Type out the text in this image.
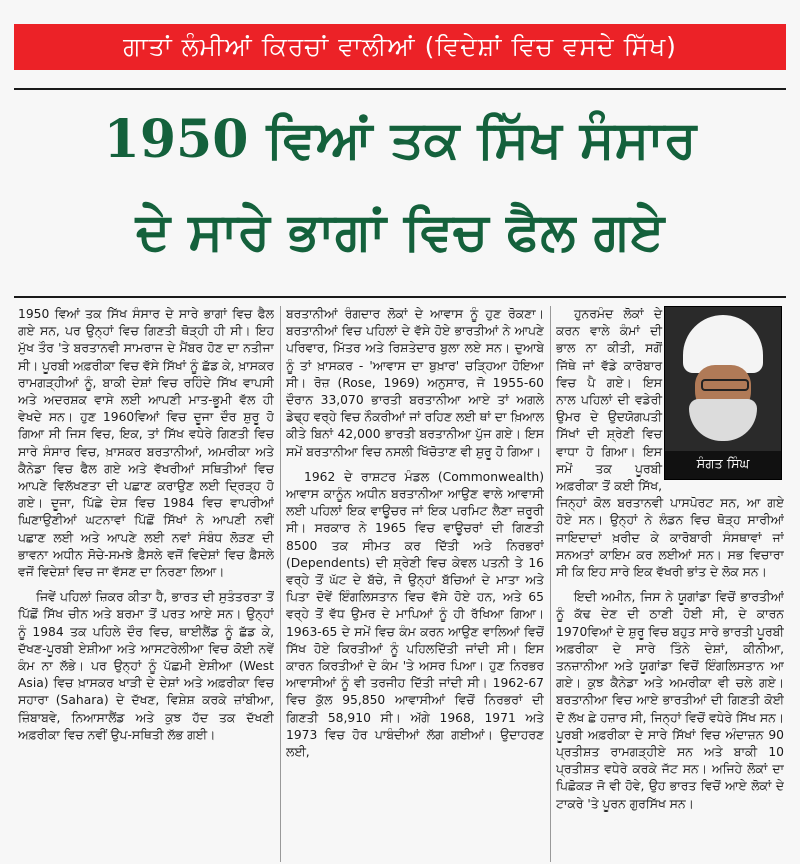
ਗਾਤਾਂ ਲੰਮੀਆਂ ਕਿਰਚਾਂ ਵਾਲੀਆਂ (ਵਿਦੇਸ਼ਾਂ ਵਿਚ ਵਸਦੇ ਸਿੱਖ)
1950 ਵਿਆਂ ਤਕ ਸਿੱਖ ਸੰਸਾਰ
ਦੇ ਸਾਰੇ ਭਾਗਾਂ ਵਿਚ ਫੈਲ ਗਏ

1950 ਵਿਆਂ ਤਕ ਸਿੱਖ ਸੰਸਾਰ ਦੇ ਸਾਰੇ ਭਾਗਾਂ ਵਿਚ ਫੈਲ ਗਏ ਸਨ, ਪਰ ਉਨ੍ਹਾਂ ਵਿਚ ਗਿਣਤੀ ਥੋੜ੍ਹੀ ਹੀ ਸੀ। ਇਹ ਮੁੱਖ ਤੌਰ 'ਤੇ ਬਰਤਾਨਵੀ ਸਾਮਰਾਜ ਦੇ ਮੈਂਬਰ ਹੋਣ ਦਾ ਨਤੀਜਾ ਸੀ। ਪੂਰਬੀ ਅਫ਼ਰੀਕਾ ਵਿਚ ਵੱਸੇ ਸਿੱਖਾਂ ਨੂੰ ਛੱਡ ਕੇ, ਖ਼ਾਸਕਰ ਰਾਮਗੜ੍ਹੀਆਂ ਨੂੰ, ਬਾਕੀ ਦੇਸ਼ਾਂ ਵਿਚ ਰਹਿੰਦੇ ਸਿੱਖ ਵਾਪਸੀ ਅਤੇ ਅਦਰਸ਼ਕ ਵਾਸੇ ਲਈ ਆਪਣੀ ਮਾਤ-ਭੂਮੀ ਵੱਲ ਹੀ ਵੇਖਦੇ ਸਨ। ਹੁਣ 1960ਵਿਆਂ ਵਿਚ ਦੂਜਾ ਦੌਰ ਸ਼ੁਰੂ ਹੋ ਗਿਆ ਸੀ ਜਿਸ ਵਿਚ, ਇਕ, ਤਾਂ ਸਿੱਖ ਵਧੇਰੇ ਗਿਣਤੀ ਵਿਚ ਸਾਰੇ ਸੰਸਾਰ ਵਿਚ, ਖ਼ਾਸਕਰ ਬਰਤਾਨੀਆਂ, ਅਮਰੀਕਾ ਅਤੇ ਕੈਨੇਡਾ ਵਿਚ ਫੈਲ ਗਏ ਅਤੇ ਵੱਖਰੀਆਂ ਸਥਿਤੀਆਂ ਵਿਚ ਆਪਣੇ ਵਿਲੱਖਣਤਾ ਦੀ ਪਛਾਣ ਕਰਾਉਣ ਲਈ ਦ੍ਰਿੜ੍ਹ ਹੋ ਗਏ। ਦੂਜਾ, ਪਿੱਛੇ ਦੇਸ਼ ਵਿਚ 1984 ਵਿਚ ਵਾਪਰੀਆਂ ਘਿਣਾਉਣੀਆਂ ਘਟਨਾਵਾਂ ਪਿੱਛੋਂ ਸਿੱਖਾਂ ਨੇ ਆਪਣੀ ਨਵੀਂ ਪਛਾਣ ਲਈ ਅਤੇ ਆਪਣੇ ਲਈ ਨਵਾਂ ਸੰਬੰਧ ਲੋੜਣ ਦੀ ਭਾਵਨਾ ਅਧੀਨ ਸੋਚੇ-ਸਮਝੇ ਫ਼ੈਸਲੇ ਵਜੋਂ ਵਿਦੇਸ਼ਾਂ ਵਿਚ ਫ਼ੈਸਲੇ ਵਜੋਂ ਵਿਦੇਸ਼ਾਂ ਵਿਚ ਜਾ ਵੱਸਣ ਦਾ ਨਿਰਣਾ ਲਿਆ।

ਜਿਵੇਂ ਪਹਿਲਾਂ ਜ਼ਿਕਰ ਕੀਤਾ ਹੈ, ਭਾਰਤ ਦੀ ਸੁਤੰਤਰਤਾ ਤੋਂ ਪਿੱਛੋਂ ਸਿੱਖ ਚੀਨ ਅਤੇ ਬਰਮਾ ਤੋਂ ਪਰਤ ਆਏ ਸਨ। ਉਨ੍ਹਾਂ ਨੂੰ 1984 ਤਕ ਪਹਿਲੇ ਦੌਰ ਵਿਚ, ਥਾਈਲੈਂਡ ਨੂੰ ਛੱਡ ਕੇ, ਦੱਖਣ-ਪੂਰਬੀ ਏਸ਼ੀਆ ਅਤੇ ਆਸਟਰੇਲੀਆ ਵਿਚ ਕੋਈ ਨਵੇਂ ਕੰਮ ਨਾ ਲੱਭੇ। ਪਰ ਉਨ੍ਹਾਂ ਨੂੰ ਪੱਛਮੀ ਏਸ਼ੀਆ (West Asia) ਵਿਚ ਖ਼ਾਸਕਰ ਖਾੜੀ ਦੇ ਦੇਸ਼ਾਂ ਅਤੇ ਅਫ਼ਰੀਕਾ ਵਿਚ ਸਹਾਰਾ (Sahara) ਦੇ ਦੱਖਣ, ਵਿਸ਼ੇਸ਼ ਕਰਕੇ ਜ਼ਾਂਬੀਆ, ਜ਼ਿੰਬਾਬਵੇ, ਨਿਆਸਾਲੈਂਡ ਅਤੇ ਕੁਝ ਹੱਦ ਤਕ ਦੱਖਣੀ ਅਫ਼ਰੀਕਾ ਵਿਚ ਨਵੀਂ ਉਪ-ਸਥਿਤੀ ਲੱਭ ਗਈ।

ਬਰਤਾਨੀਆਂ ਰੰਗਦਾਰ ਲੋਕਾਂ ਦੇ ਆਵਾਸ ਨੂੰ ਹੁਣ ਰੋਕਣਾ। ਬਰਤਾਨੀਆਂ ਵਿਚ ਪਹਿਲਾਂ ਦੇ ਵੱਸੇ ਹੋਏ ਭਾਰਤੀਆਂ ਨੇ ਆਪਣੇ ਪਰਿਵਾਰ, ਮਿੱਤਰ ਅਤੇ ਰਿਸ਼ਤੇਦਾਰ ਬੁਲਾ ਲਏ ਸਨ। ਦੁਆਬੇ ਨੂੰ ਤਾਂ ਖ਼ਾਸਕਰ - 'ਆਵਾਸ ਦਾ ਬੁਖ਼ਾਰ' ਚੜ੍ਹਿਆ ਹੋਇਆ ਸੀ। ਰੋਜ਼ (Rose, 1969) ਅਨੁਸਾਰ, ਜੋ 1955-60 ਦੌਰਾਨ 33,070 ਭਾਰਤੀ ਬਰਤਾਨੀਆ ਆਏ ਤਾਂ ਅਗਲੇ ਡੇਢ੍ਹ ਵਰ੍ਹੇ ਵਿਚ ਨੌਕਰੀਆਂ ਜਾਂ ਰਹਿਣ ਲਈ ਥਾਂ ਦਾ ਖ਼ਿਆਲ ਕੀਤੇ ਬਿਨਾਂ 42,000 ਭਾਰਤੀ ਬਰਤਾਨੀਆ ਪੁੱਜ ਗਏ। ਇਸ ਸਮੇਂ ਬਰਤਾਨੀਆ ਵਿਚ ਨਸਲੀ ਖਿੱਚੋਤਾਣ ਵੀ ਸ਼ੁਰੂ ਹੋ ਗਿਆ।

1962 ਦੇ ਰਾਸ਼ਟਰ ਮੰਡਲ (Commonwealth) ਆਵਾਸ ਕਾਨੂੰਨ ਅਧੀਨ ਬਰਤਾਨੀਆ ਆਉਣ ਵਾਲੇ ਆਵਾਸੀ ਲਈ ਪਹਿਲਾਂ ਇਕ ਵਾਊਚਰ ਜਾਂ ਇਕ ਪਰਮਿਟ ਲੈਣਾ ਜ਼ਰੂਰੀ ਸੀ। ਸਰਕਾਰ ਨੇ 1965 ਵਿਚ ਵਾਊਚਰਾਂ ਦੀ ਗਿਣਤੀ 8500 ਤਕ ਸੀਮਤ ਕਰ ਦਿੱਤੀ ਅਤੇ ਨਿਰਭਰਾਂ (Dependents) ਦੀ ਸ਼੍ਰੇਣੀ ਵਿਚ ਕੇਵਲ ਪਤਨੀ ਤੇ 16 ਵਰ੍ਹੇ ਤੋਂ ਘੱਟ ਦੇ ਬੱਚੇ, ਜੋ ਉਨ੍ਹਾਂ ਬੱਚਿਆਂ ਦੇ ਮਾਤਾ ਅਤੇ ਪਿਤਾ ਦੋਵੇਂ ਇੰਗਲਿਸਤਾਨ ਵਿਚ ਵੱਸੇ ਹੋਏ ਹਨ, ਅਤੇ 65 ਵਰ੍ਹੇ ਤੋਂ ਵੱਧ ਉਮਰ ਦੇ ਮਾਪਿਆਂ ਨੂੰ ਹੀ ਰੱਖਿਆ ਗਿਆ। 1963-65 ਦੇ ਸਮੇਂ ਵਿਚ ਕੰਮ ਕਰਨ ਆਉਣ ਵਾਲਿਆਂ ਵਿਚੋਂ ਸਿੱਖ ਹੋਏ ਕਿਰਤੀਆਂ ਨੂੰ ਪਹਿਲਦਿੱਤੀ ਜਾਂਦੀ ਸੀ। ਇਸ ਕਾਰਨ ਕਿਰਤੀਆਂ ਦੇ ਕੰਮ 'ਤੇ ਅਸਰ ਪਿਆ। ਹੁਣ ਨਿਰਭਰ ਆਵਾਸੀਆਂ ਨੂੰ ਵੀ ਤਰਜੀਹ ਦਿੱਤੀ ਜਾਂਦੀ ਸੀ। 1962-67 ਵਿਚ ਕੁੱਲ 95,850 ਆਵਾਸੀਆਂ ਵਿਚੋਂ ਨਿਰਭਰਾਂ ਦੀ ਗਿਣਤੀ 58,910 ਸੀ। ਅੱਗੇ 1968, 1971 ਅਤੇ 1973 ਵਿਚ ਹੋਰ ਪਾਬੰਦੀਆਂ ਲੱਗ ਗਈਆਂ। ਉਦਾਹਰਣ ਲਈ,

ਹੁਨਰਮੰਦ ਲੋਕਾਂ ਦੇ ਕਰਨ ਵਾਲੇ ਕੰਮਾਂ ਦੀ ਭਾਲ ਨਾ ਕੀਤੀ, ਸਗੋਂ ਜਿੱਥੇ ਜਾਂ ਵੱਡੇ ਕਾਰੋਬਾਰ ਵਿਚ ਪੈ ਗਏ। ਇਸ ਨਾਲ ਪਹਿਲਾਂ ਦੀ ਵਡੇਰੀ ਉਮਰ ਦੇ ਉਦਯੋਗਪਤੀ ਸਿੱਖਾਂ ਦੀ ਸ਼੍ਰੇਣੀ ਵਿਚ ਵਾਧਾ ਹੋ ਗਿਆ। ਇਸ ਸਮੇਂ ਤਕ ਪੂਰਬੀ ਅਫ਼ਰੀਕਾ ਤੋਂ ਕਈ ਸਿੱਖ, ਜਿਨ੍ਹਾਂ ਕੋਲ ਬਰਤਾਨਵੀ ਪਾਸਪੋਰਟ ਸਨ, ਆ ਗਏ ਹੋਏ ਸਨ। ਉਨ੍ਹਾਂ ਨੇ ਲੰਡਨ ਵਿਚ ਥੋੜ੍ਹ ਸਾਰੀਆਂ ਜਾਇਦਾਦਾਂ ਖ਼ਰੀਦ ਕੇ ਕਾਰੋਬਾਰੀ ਸੰਸਥਾਵਾਂ ਜਾਂ ਸਨਅਤਾਂ ਕਾਇਮ ਕਰ ਲਈਆਂ ਸਨ। ਸਭ ਵਿਚਾਰਾ ਸੀ ਕਿ ਇਹ ਸਾਰੇ ਇਕ ਵੱਖਰੀ ਭਾਂਤ ਦੇ ਲੋਕ ਸਨ।

ਇਦੀ ਅਮੀਨ, ਜਿਸ ਨੇ ਯੂਗਾਂਡਾ ਵਿਚੋਂ ਭਾਰਤੀਆਂ ਨੂੰ ਕੱਢ ਦੇਣ ਦੀ ਠਾਣੀ ਹੋਈ ਸੀ, ਦੇ ਕਾਰਨ 1970ਵਿਆਂ ਦੇ ਸ਼ੁਰੂ ਵਿਚ ਬਹੁਤ ਸਾਰੇ ਭਾਰਤੀ ਪੂਰਬੀ ਅਫ਼ਰੀਕਾ ਦੇ ਸਾਰੇ ਤਿੰਨੇ ਦੇਸ਼ਾਂ, ਕੀਨੀਆ, ਤਨਜ਼ਾਨੀਆ ਅਤੇ ਯੂਗਾਂਡਾ ਵਿਚੋਂ ਇੰਗਲਿਸਤਾਨ ਆ ਗਏ। ਕੁਝ ਕੈਨੇਡਾ ਅਤੇ ਅਮਰੀਕਾ ਵੀ ਚਲੇ ਗਏ। ਬਰਤਾਨੀਆ ਵਿਚ ਆਏ ਭਾਰਤੀਆਂ ਦੀ ਗਿਣਤੀ ਕੋਈ ਦੋ ਲੱਖ ਛੇ ਹਜ਼ਾਰ ਸੀ, ਜਿਨ੍ਹਾਂ ਵਿਚੋਂ ਵਧੇਰੇ ਸਿੱਖ ਸਨ। ਪੂਰਬੀ ਅਫ਼ਰੀਕਾ ਦੇ ਸਾਰੇ ਸਿੱਖਾਂ ਵਿਚ ਅੰਦਾਜ਼ਨ 90 ਪ੍ਰਤੀਸ਼ਤ ਰਾਮਗੜ੍ਹੀਏ ਸਨ ਅਤੇ ਬਾਕੀ 10 ਪ੍ਰਤੀਸ਼ਤ ਵਧੇਰੇ ਕਰਕੇ ਜੱਟ ਸਨ। ਅਜਿਹੇ ਲੋਕਾਂ ਦਾ ਪਿਛੋਕੜ ਜੋ ਵੀ ਹੋਵੇ, ਉਹ ਭਾਰਤ ਵਿਚੋਂ ਆਏ ਲੋਕਾਂ ਦੇ ਟਾਕਰੇ 'ਤੇ ਪੂਰਨ ਗੁਰਸਿੱਖ ਸਨ।

ਸੰਗਤ ਸਿੰਘ
